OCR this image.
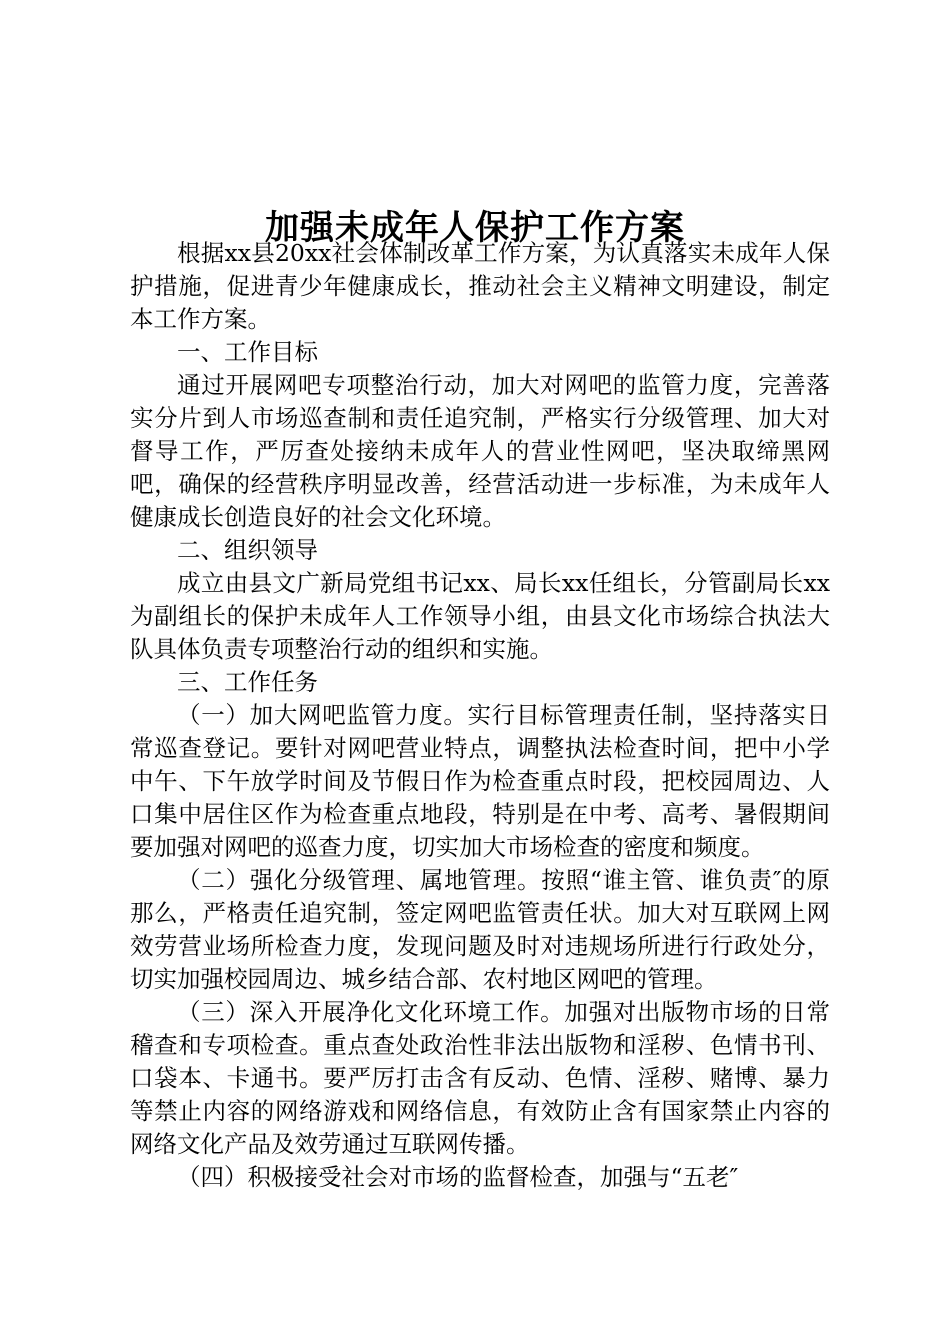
加强未成年人保护工作方案

根据xx县20xx社会体制改革工作方案，为认真落实未成年人保护措施，促进青少年健康成长，推动社会主义精神文明建设，制定本工作方案。

一、工作目标

通过开展网吧专项整治行动，加大对网吧的监管力度，完善落实分片到人市场巡查制和责任追究制，严格实行分级管理、加大对督导工作，严厉查处接纳未成年人的营业性网吧，坚决取缔黑网吧，确保的经营秩序明显改善，经营活动进一步标准，为未成年人健康成长创造良好的社会文化环境。

二、组织领导

成立由县文广新局党组书记xx、局长xx任组长，分管副局长xx为副组长的保护未成年人工作领导小组，由县文化市场综合执法大队具体负责专项整治行动的组织和实施。

三、工作任务

（一）加大网吧监管力度。实行目标管理责任制，坚持落实日常巡查登记。要针对网吧营业特点，调整执法检查时间，把中小学中午、下午放学时间及节假日作为检查重点时段，把校园周边、人口集中居住区作为检查重点地段，特别是在中考、高考、暑假期间要加强对网吧的巡查力度，切实加大市场检查的密度和频度。

（二）强化分级管理、属地管理。按照“谁主管、谁负责″的原那么，严格责任追究制，签定网吧监管责任状。加大对互联网上网效劳营业场所检查力度，发现问题及时对违规场所进行行政处分，切实加强校园周边、城乡结合部、农村地区网吧的管理。

（三）深入开展净化文化环境工作。加强对出版物市场的日常稽查和专项检查。重点查处政治性非法出版物和淫秽、色情书刊、口袋本、卡通书。要严厉打击含有反动、色情、淫秽、赌博、暴力等禁止内容的网络游戏和网络信息，有效防止含有国家禁止内容的网络文化产品及效劳通过互联网传播。

（四）积极接受社会对市场的监督检查，加强与“五老″
